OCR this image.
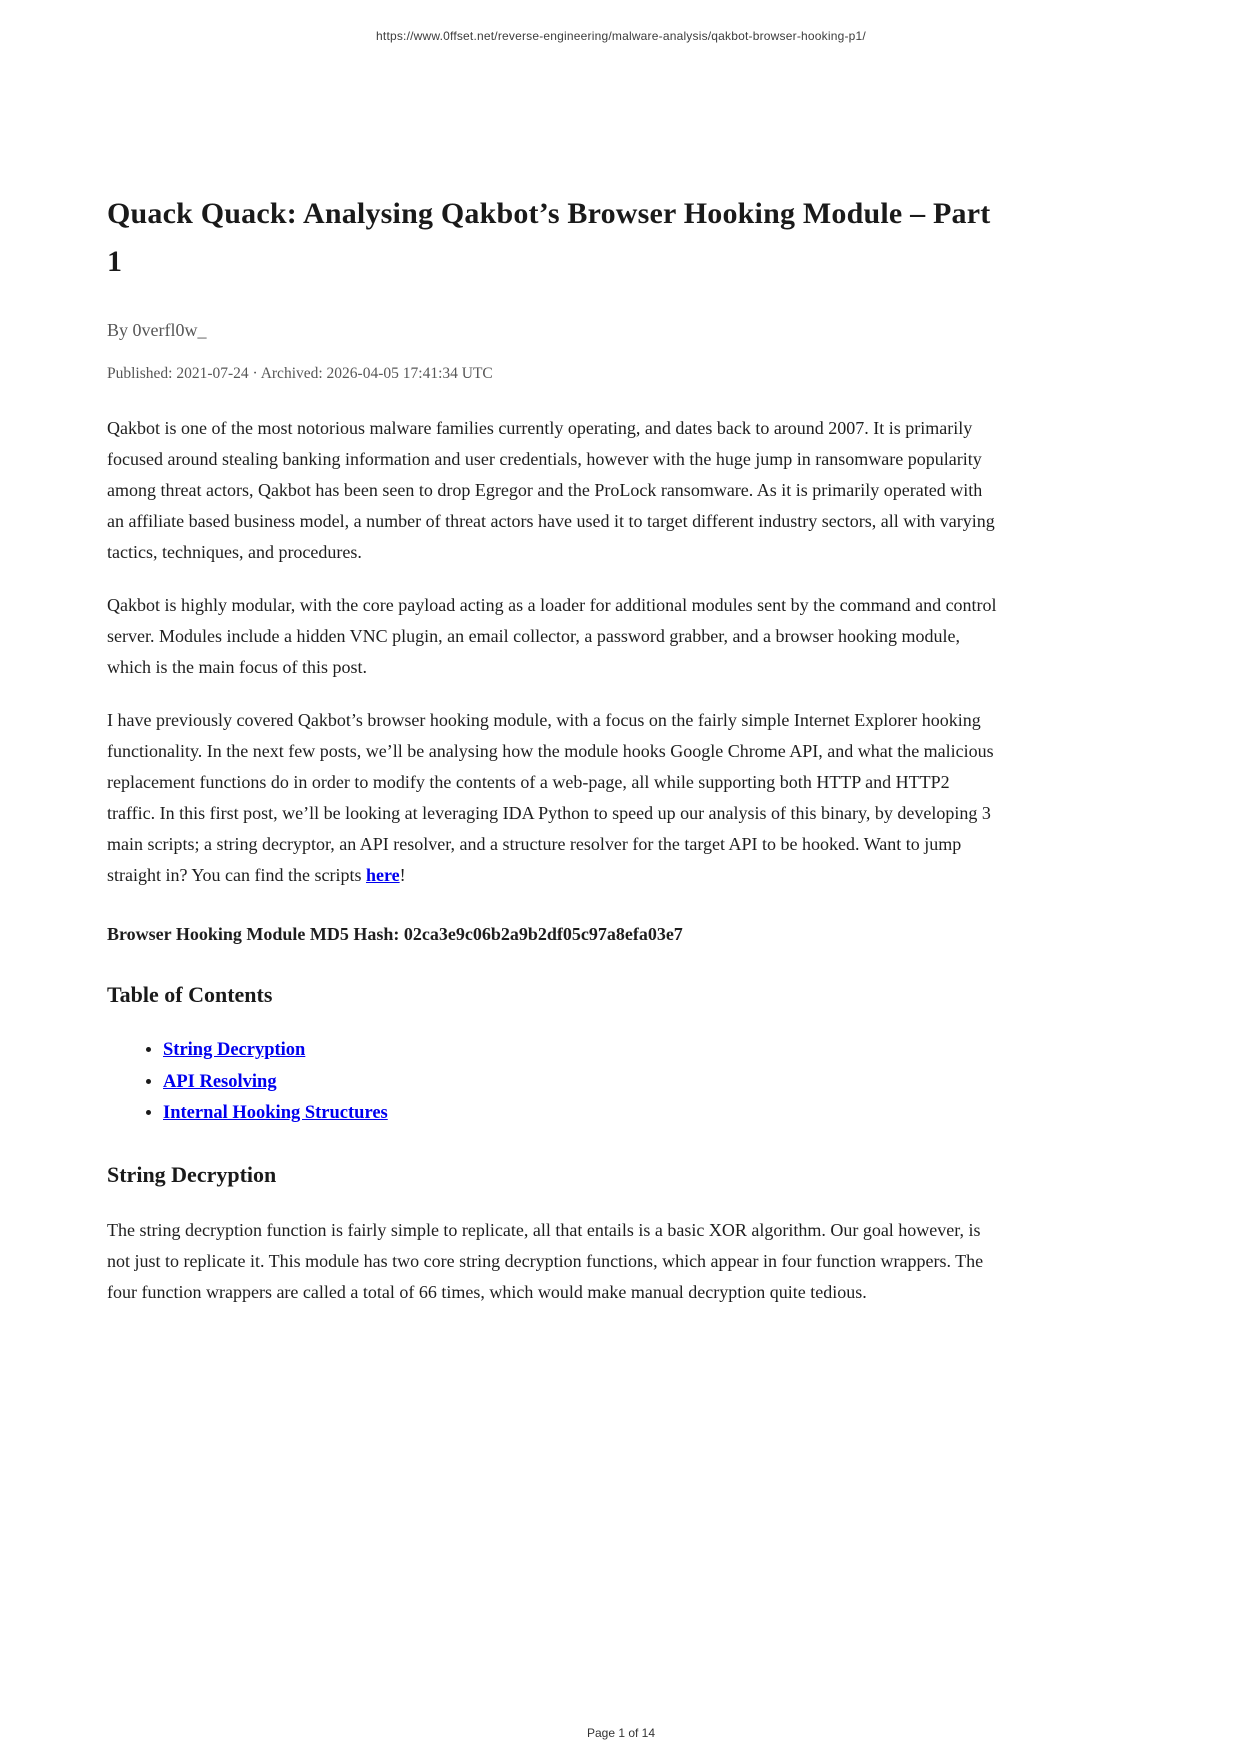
https://www.0ffset.net/reverse-engineering/malware-analysis/qakbot-browser-hooking-p1/
Quack Quack: Analysing Qakbot’s Browser Hooking Module – Part 1
By 0verfl0w_
Published: 2021-07-24 · Archived: 2026-04-05 17:41:34 UTC

Qakbot is one of the most notorious malware families currently operating, and dates back to around 2007. It is primarily focused around stealing banking information and user credentials, however with the huge jump in ransomware popularity among threat actors, Qakbot has been seen to drop Egregor and the ProLock ransomware. As it is primarily operated with an affiliate based business model, a number of threat actors have used it to target different industry sectors, all with varying tactics, techniques, and procedures.

Qakbot is highly modular, with the core payload acting as a loader for additional modules sent by the command and control server. Modules include a hidden VNC plugin, an email collector, a password grabber, and a browser hooking module, which is the main focus of this post.

I have previously covered Qakbot’s browser hooking module, with a focus on the fairly simple Internet Explorer hooking functionality. In the next few posts, we’ll be analysing how the module hooks Google Chrome API, and what the malicious replacement functions do in order to modify the contents of a web-page, all while supporting both HTTP and HTTP2 traffic. In this first post, we’ll be looking at leveraging IDA Python to speed up our analysis of this binary, by developing 3 main scripts; a string decryptor, an API resolver, and a structure resolver for the target API to be hooked. Want to jump straight in? You can find the scripts here!

Browser Hooking Module MD5 Hash: 02ca3e9c06b2a9b2df05c97a8efa03e7

Table of Contents
• String Decryption
• API Resolving
• Internal Hooking Structures
String Decryption

The string decryption function is fairly simple to replicate, all that entails is a basic XOR algorithm. Our goal however, is not just to replicate it. This module has two core string decryption functions, which appear in four function wrappers. The four function wrappers are called a total of 66 times, which would make manual decryption quite tedious.

Page 1 of 14
